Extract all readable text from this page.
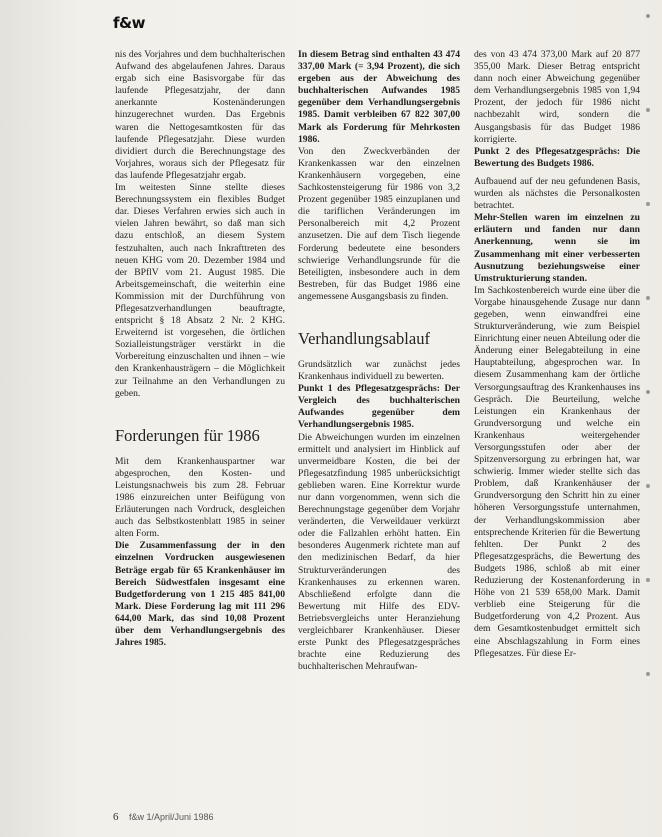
f&w

nis des Vorjahres und dem buchhalterischen Aufwand des abgelaufenen Jahres. Daraus ergab sich eine Basisvorgabe für das laufende Pflegesatzjahr, der dann anerkannte Kostenänderungen hinzugerechnet wurden. Das Ergebnis waren die Nettogesamtkosten für das laufende Pflegesatzjahr. Diese wurden dividiert durch die Berechnungstage des Vorjahres, woraus sich der Pflegesatz für das laufende Pflegesatzjahr ergab.

Im weitesten Sinne stellte dieses Berechnungssystem ein flexibles Budget dar. Dieses Verfahren erwies sich auch in vielen Jahren bewährt, so daß man sich dazu entschloß, an diesem System festzuhalten, auch nach Inkrafttreten des neuen KHG vom 20. Dezember 1984 und der BPflV vom 21. August 1985. Die Arbeitsgemeinschaft, die weiterhin eine Kommission mit der Durchführung von Pflegesatzverhandlungen beauftragte, entspricht § 18 Absatz 2 Nr. 2 KHG. Erweiternd ist vorgesehen, die örtlichen Sozialleistungsträger verstärkt in die Vorbereitung einzuschalten und ihnen – wie den Krankenhausträgern – die Möglichkeit zur Teilnahme an den Verhandlungen zu geben.

Forderungen für 1986

Mit dem Krankenhauspartner war abgesprochen, den Kosten- und Leistungsnachweis bis zum 28. Februar 1986 einzureichen unter Beifügung von Erläuterungen nach Vordruck, desgleichen auch das Selbstkostenblatt 1985 in seiner alten Form.

Die Zusammenfassung der in den einzelnen Vordrucken ausgewiesenen Beträge ergab für 65 Krankenhäuser im Bereich Südwestfalen insgesamt eine Budgetforderung von 1 215 485 841,00 Mark. Diese Forderung lag mit 111 296 644,00 Mark, das sind 10,08 Prozent über dem Verhandlungsergebnis des Jahres 1985.

In diesem Betrag sind enthalten 43 474 337,00 Mark (= 3,94 Prozent), die sich ergeben aus der Abweichung des buchhalterischen Aufwandes 1985 gegenüber dem Verhandlungsergebnis 1985. Damit verbleiben 67 822 307,00 Mark als Forderung für Mehrkosten 1986.

Von den Zweckverbänden der Krankenkassen war den einzelnen Krankenhäusern vorgegeben, eine Sachkostensteigerung für 1986 von 3,2 Prozent gegenüber 1985 einzuplanen und die tariflichen Veränderungen im Personalbereich mit 4,2 Prozent anzusetzen. Die auf dem Tisch liegende Forderung bedeutete eine besonders schwierige Verhandlungsrunde für die Beteiligten, insbesondere auch in dem Bestreben, für das Budget 1986 eine angemessene Ausgangsbasis zu finden.

Verhandlungsablauf

Grundsätzlich war zunächst jedes Krankenhaus individuell zu bewerten.

Punkt 1 des Pflegesatzgesprächs: Der Vergleich des buchhalterischen Aufwandes gegenüber dem Verhandlungsergebnis 1985.

Die Abweichungen wurden im einzelnen ermittelt und analysiert im Hinblick auf unvermeidbare Kosten, die bei der Pflegesatzfindung 1985 unberücksichtigt geblieben waren. Eine Korrektur wurde nur dann vorgenommen, wenn sich die Berechnungstage gegenüber dem Vorjahr veränderten, die Verweildauer verkürzt oder die Fallzahlen erhöht hatten. Ein besonderes Augenmerk richtete man auf den medizinischen Bedarf, da hier Strukturveränderungen des Krankenhauses zu erkennen waren. Abschließend erfolgte dann die Bewertung mit Hilfe des EDV-Betriebsvergleichs unter Heranziehung vergleichbarer Krankenhäuser. Dieser erste Punkt des Pflegesatzgespräches brachte eine Reduzierung des buchhalterischen Mehraufwan-

des von 43 474 373,00 Mark auf 20 877 355,00 Mark. Dieser Betrag entspricht dann noch einer Abweichung gegenüber dem Verhandlungsergebnis 1985 von 1,94 Prozent, der jedoch für 1986 nicht nachbezahlt wird, sondern die Ausgangsbasis für das Budget 1986 korrigierte.

Punkt 2 des Pflegesatzgesprächs: Die Bewertung des Budgets 1986.

Aufbauend auf der neu gefundenen Basis, wurden als nächstes die Personalkosten betrachtet.

Mehr-Stellen waren im einzelnen zu erläutern und fanden nur dann Anerkennung, wenn sie im Zusammenhang mit einer verbesserten Ausnutzung beziehungsweise einer Umstrukturierung standen.

Im Sachkostenbereich wurde eine über die Vorgabe hinausgehende Zusage nur dann gegeben, wenn einwandfrei eine Strukturveränderung, wie zum Beispiel Einrichtung einer neuen Abteilung oder die Änderung einer Belegabteilung in eine Hauptabteilung, abgesprochen war. In diesem Zusammenhang kam der örtliche Versorgungsauftrag des Krankenhauses ins Gespräch. Die Beurteilung, welche Leistungen ein Krankenhaus der Grundversorgung und welche ein Krankenhaus weitergehender Versorgungsstufen oder aber der Spitzenversorgung zu erbringen hat, war schwierig. Immer wieder stellte sich das Problem, daß Krankenhäuser der Grundversorgung den Schritt hin zu einer höheren Versorgungsstufe unternahmen, der Verhandlungskommission aber entsprechende Kriterien für die Bewertung fehlten. Der Punkt 2 des Pflegesatzgesprächs, die Bewertung des Budgets 1986, schloß ab mit einer Reduzierung der Kostenanforderung in Höhe von 21 539 658,00 Mark. Damit verblieb eine Steigerung für die Budgetforderung von 4,2 Prozent. Aus dem Gesamtkostenbudget ermittelt sich eine Abschlagszahlung in Form eines Pflegesatzes. Für diese Er-

6 f&w 1/April/Juni 1986
